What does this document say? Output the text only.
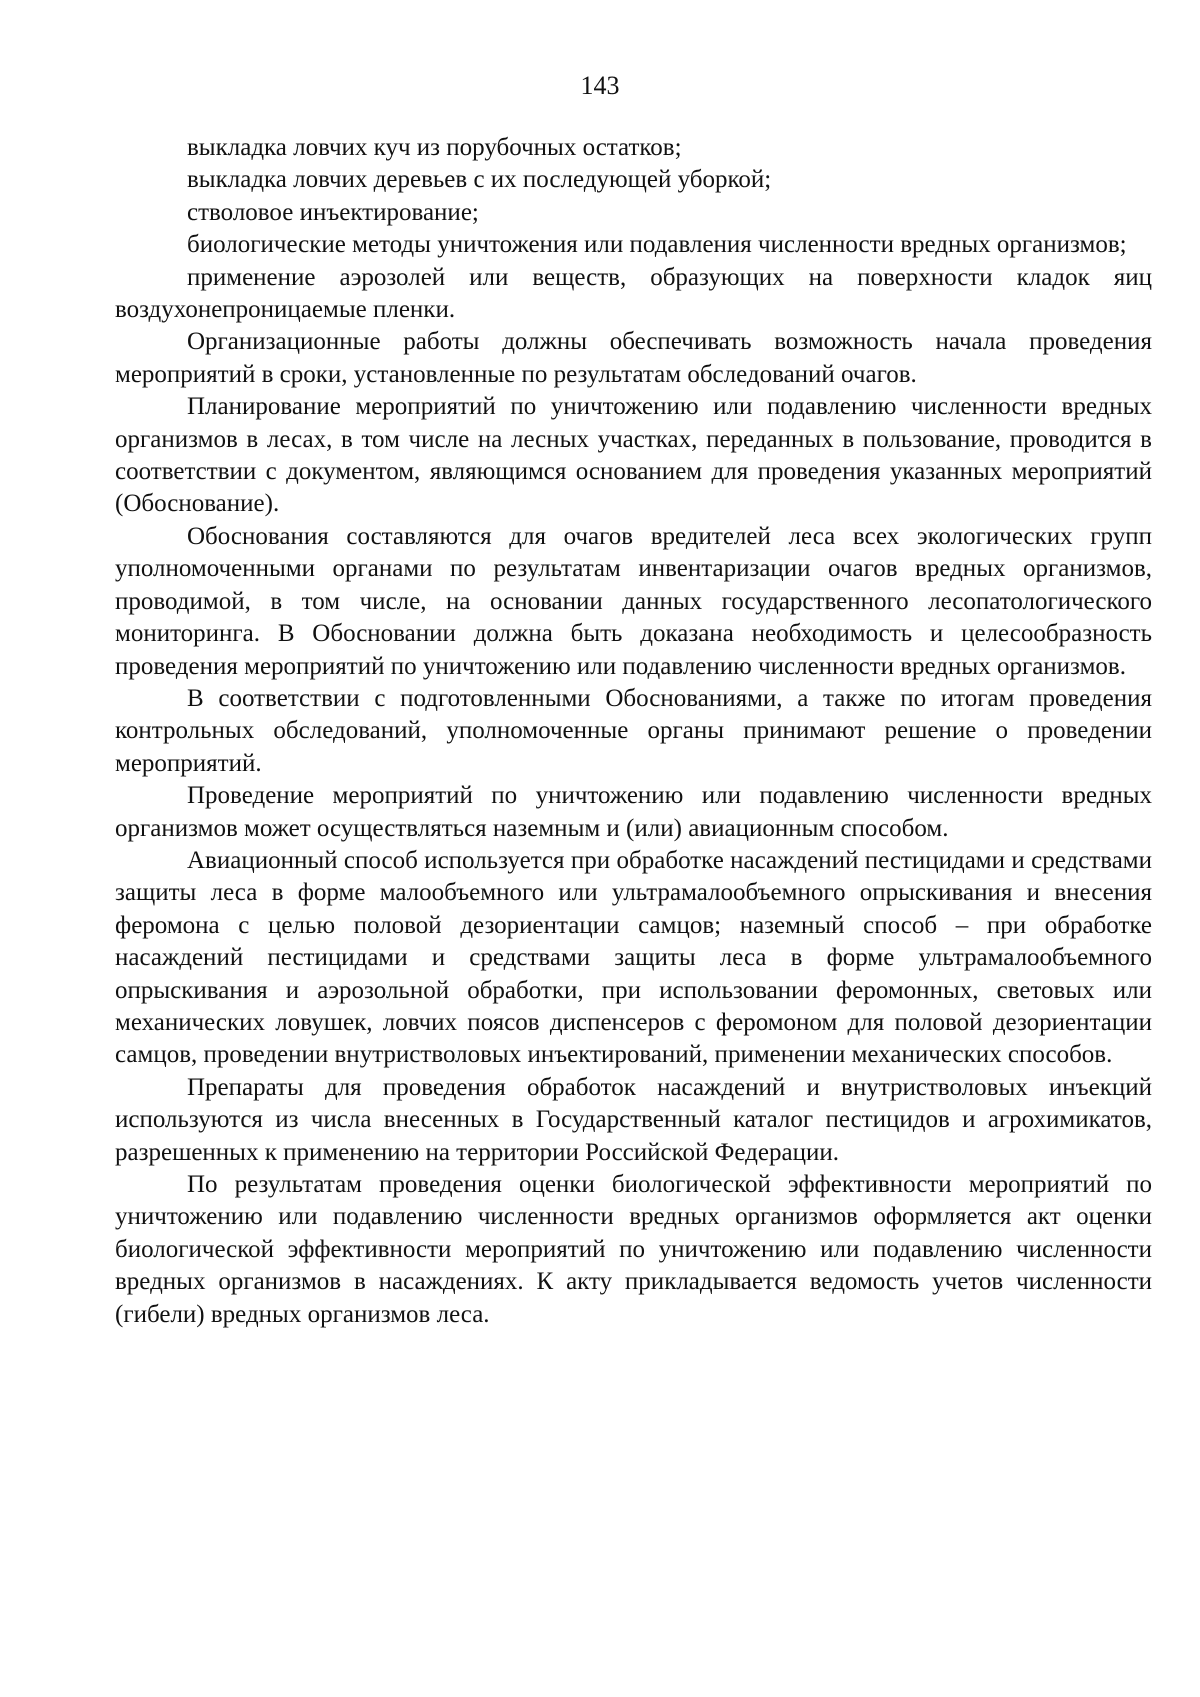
143

выкладка ловчих куч из порубочных остатков;

выкладка ловчих деревьев с их последующей уборкой;

стволовое инъектирование;

биологические методы уничтожения или подавления численности вредных организмов;

применение аэрозолей или веществ, образующих на поверхности кладок яиц воздухонепроницаемые пленки.

Организационные работы должны обеспечивать возможность начала проведения мероприятий в сроки, установленные по результатам обследований очагов.

Планирование мероприятий по уничтожению или подавлению численности вредных организмов в лесах, в том числе на лесных участках, переданных в пользование, проводится в соответствии с документом, являющимся основанием для проведения указанных мероприятий (Обоснование).

Обоснования составляются для очагов вредителей леса всех экологических групп уполномоченными органами по результатам инвентаризации очагов вредных организмов, проводимой, в том числе, на основании данных государственного лесопатологического мониторинга. В Обосновании должна быть доказана необходимость и целесообразность проведения мероприятий по уничтожению или подавлению численности вредных организмов.

В соответствии с подготовленными Обоснованиями, а также по итогам проведения контрольных обследований, уполномоченные органы принимают решение о проведении мероприятий.

Проведение мероприятий по уничтожению или подавлению численности вредных организмов может осуществляться наземным и (или) авиационным способом.

Авиационный способ используется при обработке насаждений пестицидами и средствами защиты леса в форме малообъемного или ультрамалообъемного опрыскивания и внесения феромона с целью половой дезориентации самцов; наземный способ – при обработке насаждений пестицидами и средствами защиты леса в форме ультрамалообъемного опрыскивания и аэрозольной обработки, при использовании феромонных, световых или механических ловушек, ловчих поясов диспенсеров с феромоном для половой дезориентации самцов, проведении внутристволовых инъектирований, применении механических способов.

Препараты для проведения обработок насаждений и внутристволовых инъекций используются из числа внесенных в Государственный каталог пестицидов и агрохимикатов, разрешенных к применению на территории Российской Федерации.

По результатам проведения оценки биологической эффективности мероприятий по уничтожению или подавлению численности вредных организмов оформляется акт оценки биологической эффективности мероприятий по уничтожению или подавлению численности вредных организмов в насаждениях. К акту прикладывается ведомость учетов численности (гибели) вредных организмов леса.
